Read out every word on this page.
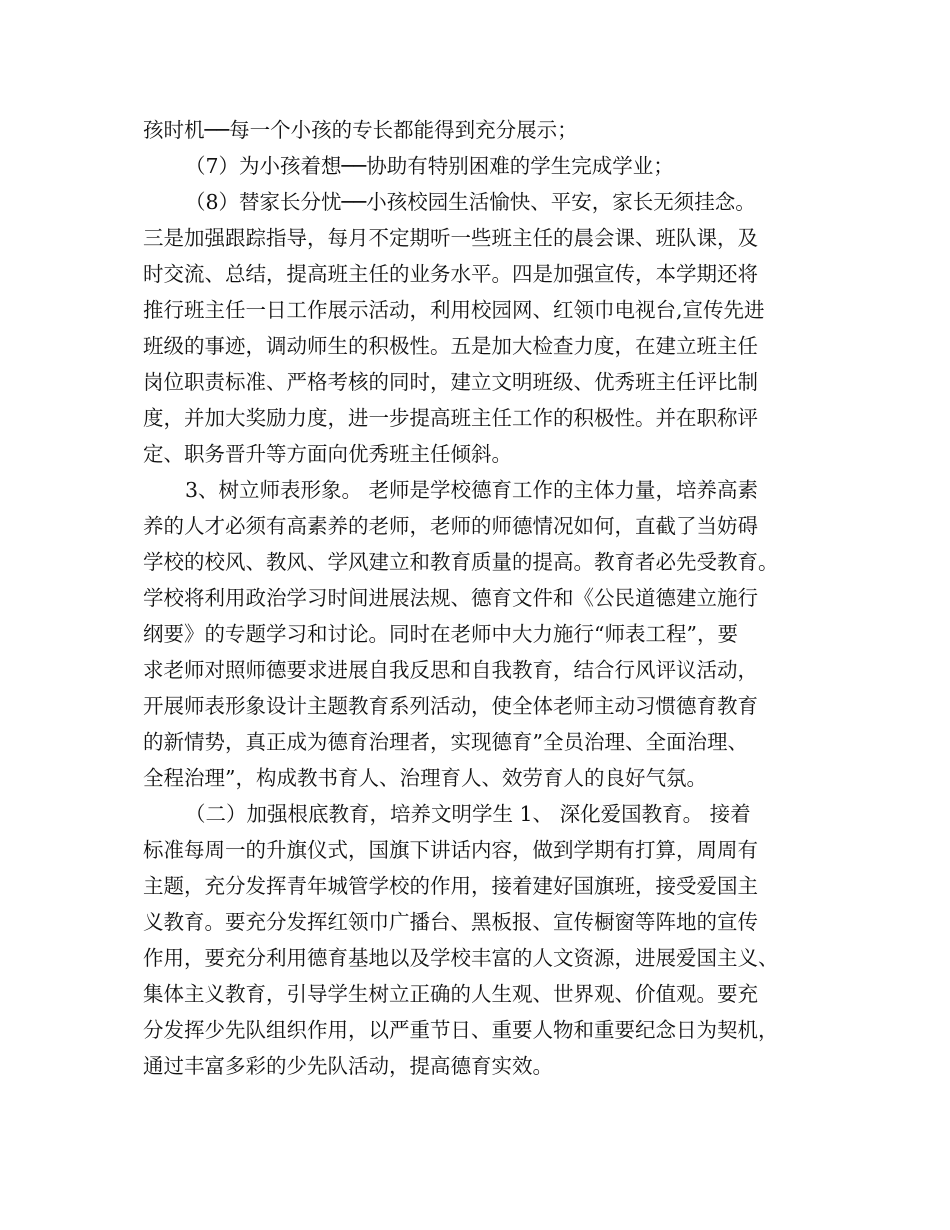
孩时机──每一个小孩的专长都能得到充分展示；
（7）为小孩着想──协助有特别困难的学生完成学业；
（8）替家长分忧──小孩校园生活愉快、平安，家长无须挂念。
三是加强跟踪指导，每月不定期听一些班主任的晨会课、班队课，及
时交流、总结，提高班主任的业务水平。四是加强宣传，本学期还将
推行班主任一日工作展示活动，利用校园网、红领巾电视台,宣传先进
班级的事迹，调动师生的积极性。五是加大检查力度，在建立班主任
岗位职责标准、严格考核的同时，建立文明班级、优秀班主任评比制
度，并加大奖励力度，进一步提高班主任工作的积极性。并在职称评
定、职务晋升等方面向优秀班主任倾斜。
3、树立师表形象。 老师是学校德育工作的主体力量，培养高素
养的人才必须有高素养的老师，老师的师德情况如何，直截了当妨碍
学校的校风、教风、学风建立和教育质量的提高。教育者必先受教育。
学校将利用政治学习时间进展法规、德育文件和《公民道德建立施行
纲要》的专题学习和讨论。同时在老师中大力施行“师表工程”，要
求老师对照师德要求进展自我反思和自我教育，结合行风评议活动，
开展师表形象设计主题教育系列活动，使全体老师主动习惯德育教育
的新情势，真正成为德育治理者，实现德育”全员治理、全面治理、
全程治理”，构成教书育人、治理育人、效劳育人的良好气氛。
（二）加强根底教育，培养文明学生 1、 深化爱国教育。 接着
标准每周一的升旗仪式，国旗下讲话内容，做到学期有打算，周周有
主题，充分发挥青年城管学校的作用，接着建好国旗班，接受爱国主
义教育。要充分发挥红领巾广播台、黑板报、宣传橱窗等阵地的宣传
作用，要充分利用德育基地以及学校丰富的人文资源，进展爱国主义、
集体主义教育，引导学生树立正确的人生观、世界观、价值观。要充
分发挥少先队组织作用，以严重节日、重要人物和重要纪念日为契机，
通过丰富多彩的少先队活动，提高德育实效。
